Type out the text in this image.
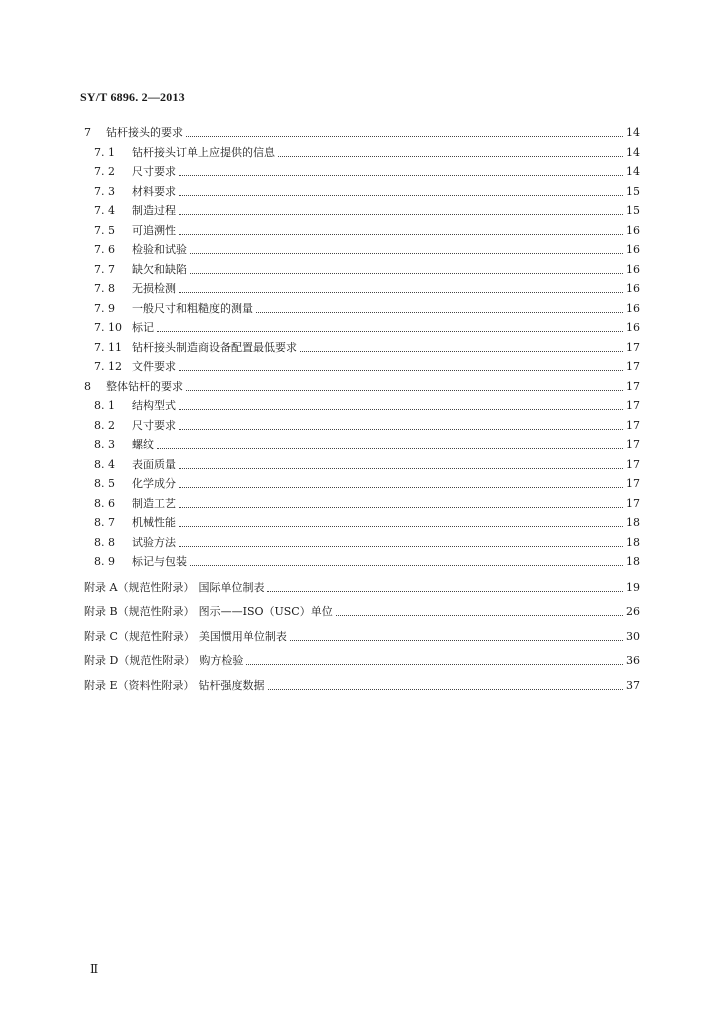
SY/T 6896. 2—2013
7	钻杆接头的要求	14
7. 1	钻杆接头订单上应提供的信息	14
7. 2	尺寸要求	14
7. 3	材料要求	15
7. 4	制造过程	15
7. 5	可追溯性	16
7. 6	检验和试验	16
7. 7	缺欠和缺陷	16
7. 8	无损检测	16
7. 9	一般尺寸和粗糙度的测量	16
7. 10 标记	16
7. 11 钻杆接头制造商设备配置最低要求	17
7. 12 文件要求	17
8	整体钻杆的要求	17
8. 1	结构型式	17
8. 2	尺寸要求	17
8. 3	螺纹	17
8. 4	表面质量	17
8. 5	化学成分	17
8. 6	制造工艺	17
8. 7	机械性能	18
8. 8	试验方法	18
8. 9	标记与包装	18
附录 A（规范性附录） 国际单位制表	19
附录 B（规范性附录） 图示——ISO（USC）单位	26
附录 C（规范性附录） 美国惯用单位制表	30
附录 D（规范性附录） 购方检验	36
附录 E（资料性附录） 钻杆强度数据	37
Ⅱ
